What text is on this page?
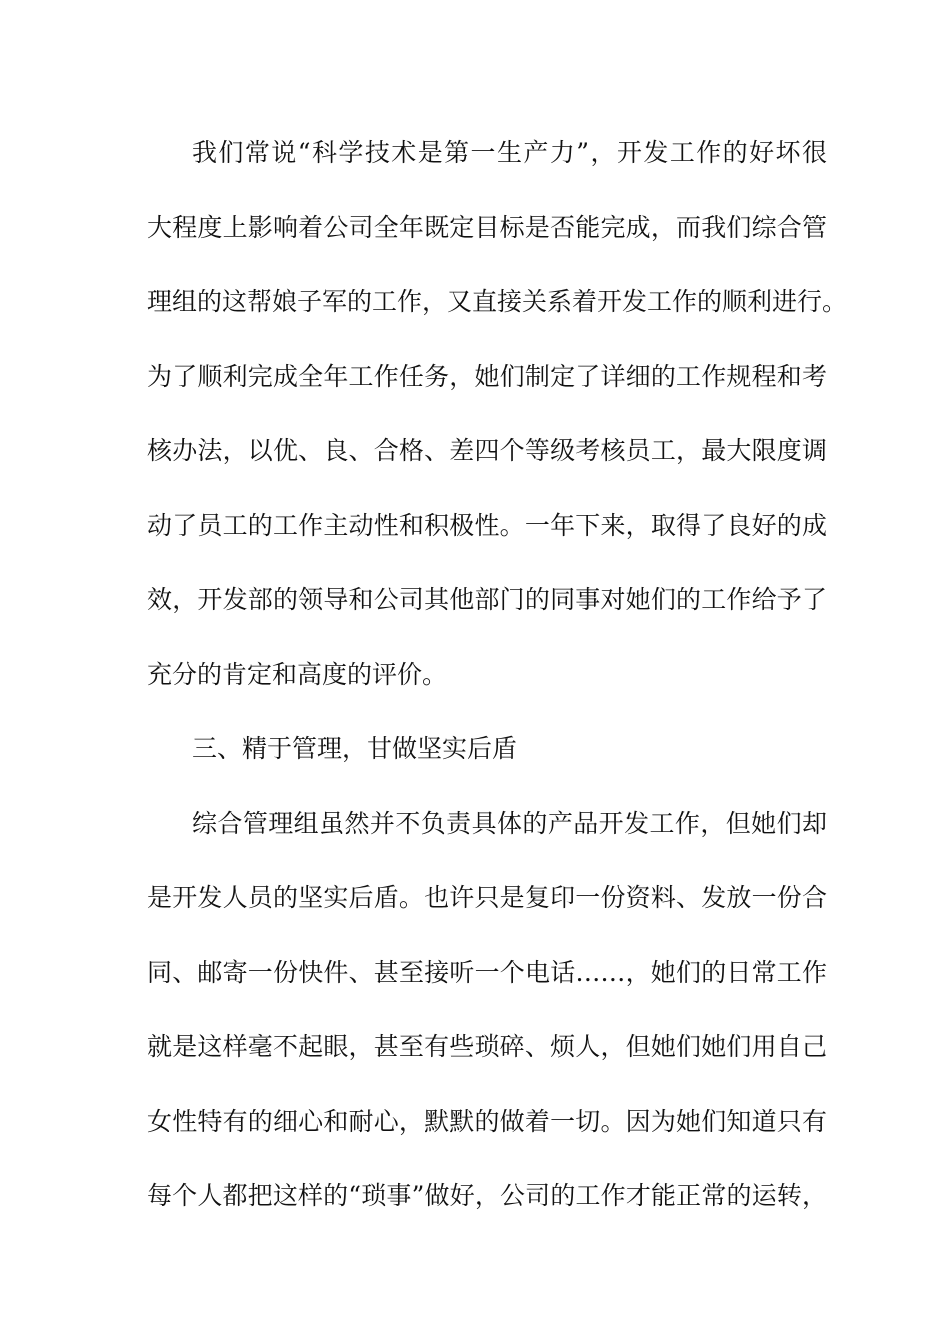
我们常说“科学技术是第一生产力”，开发工作的好坏很
大程度上影响着公司全年既定目标是否能完成，而我们综合管
理组的这帮娘子军的工作，又直接关系着开发工作的顺利进行。
为了顺利完成全年工作任务，她们制定了详细的工作规程和考
核办法，以优、良、合格、差四个等级考核员工，最大限度调
动了员工的工作主动性和积极性。一年下来，取得了良好的成
效，开发部的领导和公司其他部门的同事对她们的工作给予了
充分的肯定和高度的评价。
三、精于管理，甘做坚实后盾
综合管理组虽然并不负责具体的产品开发工作，但她们却
是开发人员的坚实后盾。也许只是复印一份资料、发放一份合
同、邮寄一份快件、甚至接听一个电话……，她们的日常工作
就是这样毫不起眼，甚至有些琐碎、烦人，但她们她们用自己
女性特有的细心和耐心，默默的做着一切。因为她们知道只有
每个人都把这样的“琐事”做好，公司的工作才能正常的运转，
